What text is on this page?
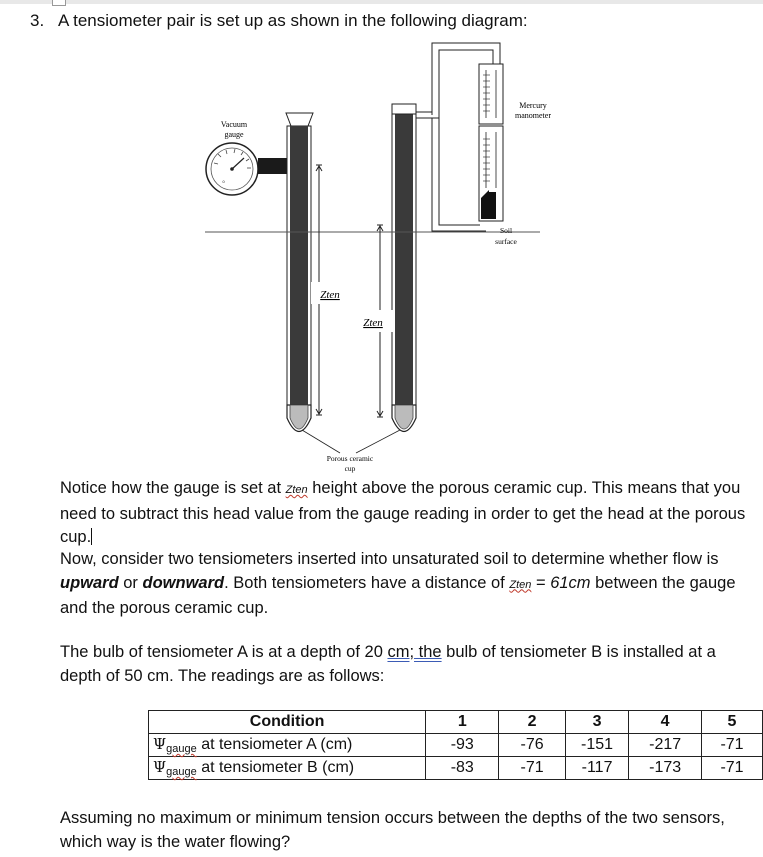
3. A tensiometer pair is set up as shown in the following diagram:
Vacuum
gauge
°
Mercury
manometer
Soil
surface
Zten
Zten
Porous ceramic
cup
Notice how the gauge is set at Zten height above the porous ceramic cup. This means that you need to subtract this head value from the gauge reading in order to get the head at the porous cup.
Now, consider two tensiometers inserted into unsaturated soil to determine whether flow is upward or downward. Both tensiometers have a distance of Zten = 61cm between the gauge and the porous ceramic cup.
The bulb of tensiometer A is at a depth of 20 cm; the bulb of tensiometer B is installed at a depth of 50 cm. The readings are as follows:
Condition	1	2	3	4	5
$\Psi_{gauge}$ at tensiometer A (cm)	-93	-76	-151	-217	-71
$\Psi_{gauge}$ at tensiometer B (cm)	-83	-71	-117	-173	-71
Assuming no maximum or minimum tension occurs between the depths of the two sensors, which way is the water flowing?
